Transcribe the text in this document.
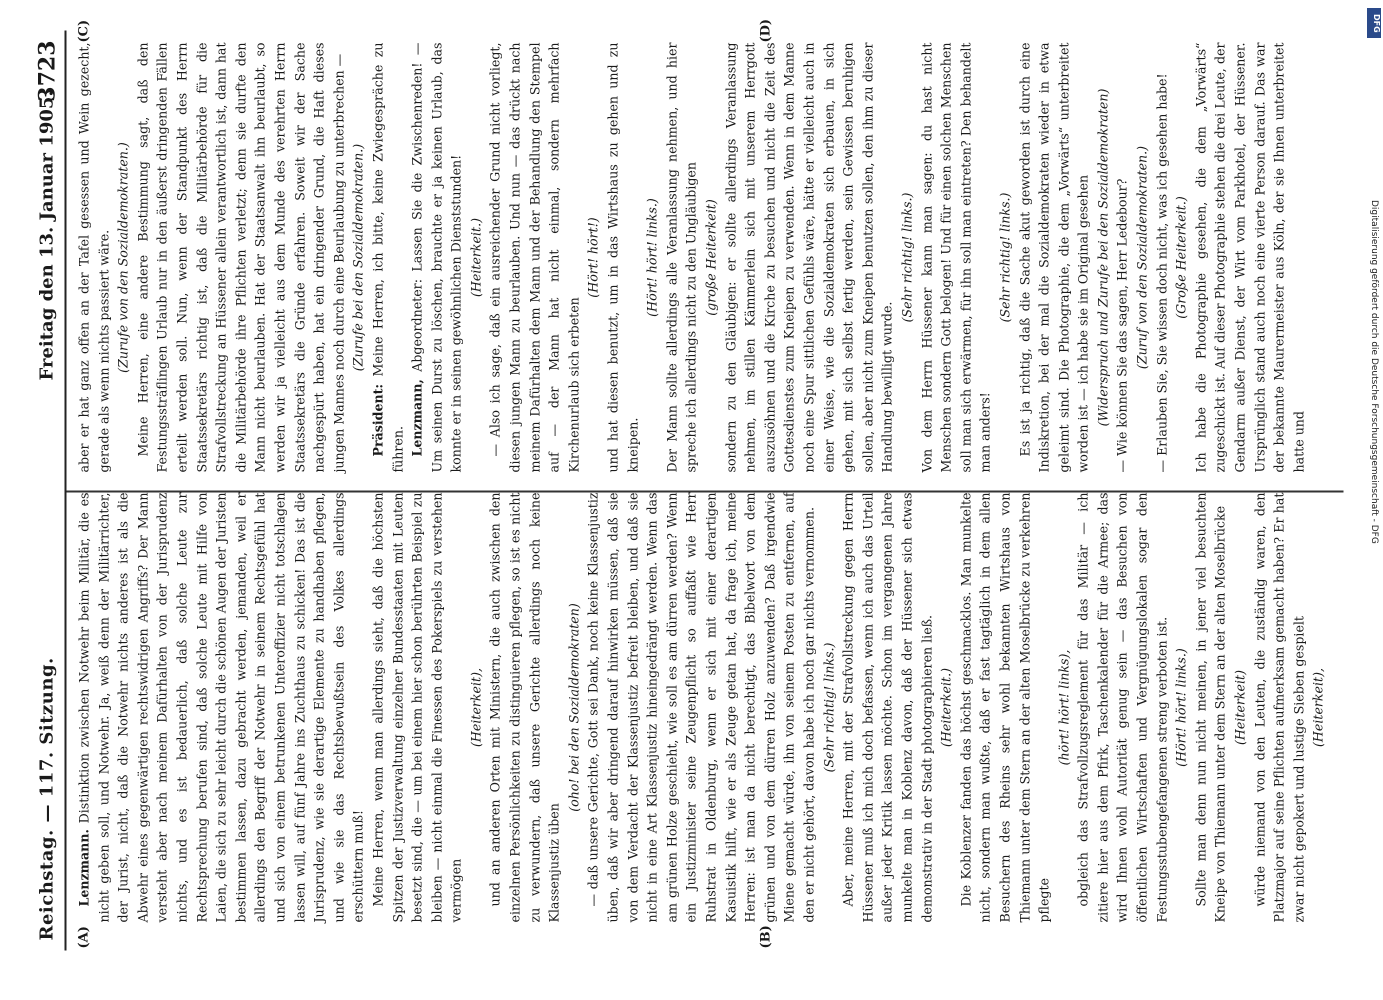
Reichstag. — 117. Sitzung.
Freitag den 13. Januar 1905.
3723
(A)	(B)
(C)	(D)

Lenzmann. Distinktion zwischen Notwehr beim Militär, die es nicht geben soll, und Notwehr. Ja, weiß denn der Militärrichter, der Jurist, nicht, daß die Notwehr nichts anderes ist als die Abwehr eines gegenwärtigen rechtswidrigen Angriffs? Der Mann versteht aber nach meinem Dafürhalten von der Jurisprudenz nichts, und es ist bedauerlich, daß solche Leute zur Rechtsprechung berufen sind, daß solche Leute mit Hilfe von Laien, die sich zu sehr leicht durch die schönen Augen der Juristen bestimmen lassen, dazu gebracht werden, jemanden, weil er allerdings den Begriff der Notwehr in seinem Rechtsgefühl hat und sich von einem betrunkenen Unteroffizier nicht totschlagen lassen will, auf fünf Jahre ins Zuchthaus zu schicken! Das ist die Jurisprudenz, wie sie derartige Elemente zu handhaben pflegen, und wie sie das Rechtsbewußtsein des Volkes allerdings erschüttern muß! Meine Herren, wenn man allerdings sieht, daß die höchsten Spitzen der Justizverwaltung einzelner Bundesstaaten mit Leuten besetzt sind, die — um bei einem hier schon berührten Beispiel zu bleiben — nicht einmal die Finessen des Pokerspiels zu verstehen vermögen

(Heiterkeit), und an anderen Orten mit Ministern, die auch zwischen den einzelnen Persönlichkeiten zu distinguieren pflegen, so ist es nicht zu verwundern, daß unsere Gerichte allerdings noch keine Klassenjustiz üben

(oho! bei den Sozialdemokraten) — daß unsere Gerichte, Gott sei Dank, noch keine Klassenjustiz üben, daß wir aber dringend darauf hinwirken müssen, daß sie von dem Verdacht der Klassenjustiz befreit bleiben, und daß sie nicht in eine Art Klassenjustiz hineingedrängt werden. Wenn das am grünen Holze geschieht, wie soll es am dürren werden? Wenn ein Justizminister seine Zeugenpflicht so auffaßt wie Herr Ruhstrat in Oldenburg, wenn er sich mit einer derartigen Kasuistik hilft, wie er als Zeuge getan hat, da frage ich, meine Herren: ist man da nicht berechtigt, das Bibelwort von dem grünen und von dem dürren Holz anzuwenden? Daß irgendwie Miene gemacht würde, ihn von seinem Posten zu entfernen, auf den er nicht gehört, davon habe ich noch gar nichts vernommen. (Sehr richtig! links.) Aber, meine Herren, mit der Strafvollstreckung gegen Herrn Hüssener muß ich mich doch befassen, wenn ich auch das Urteil außer jeder Kritik lassen möchte. Schon im vergangenen Jahre munkelte man in Koblenz davon, daß der Hüssener sich etwas demonstrativ in der Stadt photographieren ließ. (Heiterkeit.) Die Koblenzer fanden das höchst geschmacklos. Man munkelte nicht, sondern man wußte, daß er fast tagtäglich in dem allen Besuchern des Rheins sehr wohl bekannten Wirtshaus von Thiemann unter dem Stern an der alten Moselbrücke zu verkehren pflegte

(hört! hört! links), obgleich das Strafvollzugsreglement für das Militär — ich zitiere hier aus dem Pfirk, Taschenkalender für die Armee; das wird Ihnen wohl Autorität genug sein — das Besuchen von öffentlichen Wirtschaften und Vergnügungslokalen sogar den Festungsstubengefangenen streng verboten ist. (Hört! hört! links.) Sollte man denn nun nicht meinen, in jener viel besuchten Kneipe von Thiemann unter dem Stern an der alten Moselbrücke (Heiterkeit) würde niemand von den Leuten, die zuständig waren, den Platzmajor auf seine Pflichten aufmerksam gemacht haben? Er hat zwar nicht gepokert und lustige Sieben gespielt (Heiterkeit),

aber er hat ganz offen an der Tafel gesessen und Wein gezecht, gerade als wenn nichts passiert wäre. (Zurufe von den Sozialdemokraten.) Meine Herren, eine andere Bestimmung sagt, daß den Festungssträflingen Urlaub nur in den äußerst dringenden Fällen erteilt werden soll. Nun, wenn der Standpunkt des Herrn Staatssekretärs richtig ist, daß die Militärbehörde für die Strafvollstreckung an Hüssener allein verantwortlich ist, dann hat die Militärbehörde ihre Pflichten verletzt; denn sie durfte den Mann nicht beurlauben. Hat der Staatsanwalt ihn beurlaubt, so werden wir ja vielleicht aus dem Munde des verehrten Herrn Staatssekretärs die Gründe erfahren. Soweit wir der Sache nachgespürt haben, hat ein dringender Grund, die Haft dieses jungen Mannes noch durch eine Beurlaubung zu unterbrechen — (Zurufe bei den Sozialdemokraten.)

Präsident: Meine Herren, ich bitte, keine Zwiegespräche zu führen. Lenzmann, Abgeordneter: Lassen Sie die Zwischenreden! — Um seinen Durst zu löschen, brauchte er ja keinen Urlaub, das konnte er in seinen gewöhnlichen Dienststunden! (Heiterkeit.) — Also ich sage, daß ein ausreichender Grund nicht vorliegt, diesen jungen Mann zu beurlauben. Und nun — das drückt nach meinem Dafürhalten dem Mann und der Behandlung den Stempel auf — der Mann hat nicht einmal, sondern mehrfach Kirchenurlaub sich erbeten

(Hört! hört!) und hat diesen benutzt, um in das Wirtshaus zu gehen und zu kneipen.

(Hört! hört! links.) Der Mann sollte allerdings alle Veranlassung nehmen, und hier spreche ich allerdings nicht zu den Ungläubigen (große Heiterkeit) sondern zu den Gläubigen: er sollte allerdings Veranlassung nehmen, im stillen Kämmerlein sich mit unserem Herrgott auszusöhnen und die Kirche zu besuchen und nicht die Zeit des Gottesdienstes zum Kneipen zu verwenden. Wenn in dem Manne noch eine Spur sittlichen Gefühls wäre, hätte er vielleicht auch in einer Weise, wie die Sozialdemokraten sich erbauen, in sich gehen, mit sich selbst fertig werden, sein Gewissen beruhigen sollen, aber nicht zum Kneipen benutzen sollen, den ihm zu dieser Handlung bewilligt wurde.

(Sehr richtig! links.) Von dem Herrn Hüssener kann man sagen: du hast nicht Menschen sondern Gott belogen! Und für einen solchen Menschen soll man sich erwärmen, für ihn soll man eintreten? Den behandelt man anders!

(Sehr richtig! links.) Es ist ja richtig, daß die Sache akut geworden ist durch eine Indiskretion, bei der mal die Sozialdemokraten wieder in etwa geleimt sind. Die Photographie, die dem „Vorwärts“ unterbreitet worden ist — ich habe sie im Original gesehen (Widerspruch und Zurufe bei den Sozialdemokraten) — Wie können Sie das sagen, Herr Ledebour? (Zuruf von den Sozialdemokraten.) — Erlauben Sie, Sie wissen doch nicht, was ich gesehen habe! (Große Heiterkeit.) Ich habe die Photographie gesehen, die dem „Vorwärts“ zugeschickt ist. Auf dieser Photographie stehen die drei Leute, der Gendarm außer Dienst, der Wirt vom Parkhotel, der Hüssener. Ursprünglich stand auch noch eine vierte Person darauf. Das war der bekannte Maurermeister aus Köln, der sie Ihnen unterbreitet hatte und

DFG
Digitalisierung gefördert durch die Deutsche Forschungsgemeinschaft - DFG
